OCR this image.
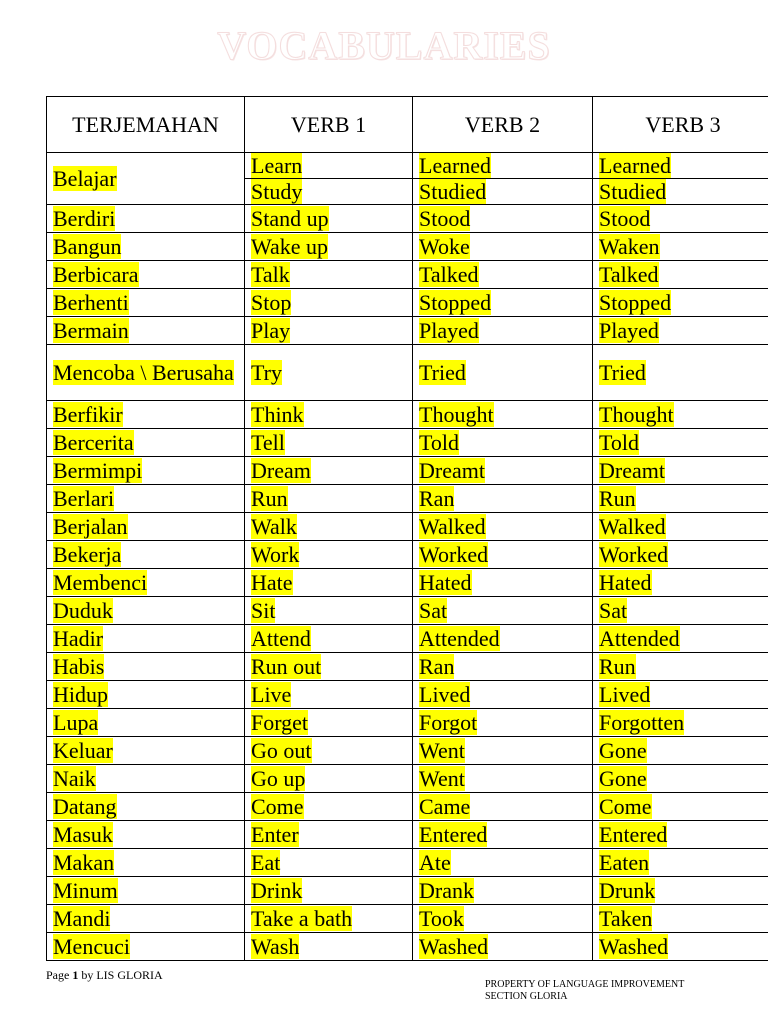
VOCABULARIES
TERJEMAHAN	VERB 1	VERB 2	VERB 3
Belajar	Learn	Learned	Learned
	Study	Studied	Studied
Berdiri	Stand up	Stood	Stood
Bangun	Wake up	Woke	Waken
Berbicara	Talk	Talked	Talked
Berhenti	Stop	Stopped	Stopped
Bermain	Play	Played	Played
Mencoba \ Berusaha	Try	Tried	Tried
Berfikir	Think	Thought	Thought
Bercerita	Tell	Told	Told
Bermimpi	Dream	Dreamt	Dreamt
Berlari	Run	Ran	Run
Berjalan	Walk	Walked	Walked
Bekerja	Work	Worked	Worked
Membenci	Hate	Hated	Hated
Duduk	Sit	Sat	Sat
Hadir	Attend	Attended	Attended
Habis	Run out	Ran	Run
Hidup	Live	Lived	Lived
Lupa	Forget	Forgot	Forgotten
Keluar	Go out	Went	Gone
Naik	Go up	Went	Gone
Datang	Come	Came	Come
Masuk	Enter	Entered	Entered
Makan	Eat	Ate	Eaten
Minum	Drink	Drank	Drunk
Mandi	Take a bath	Took	Taken
Mencuci	Wash	Washed	Washed
Page 1 by LIS GLORIA
PROPERTY OF LANGUAGE IMPROVEMENT SECTION GLORIA
